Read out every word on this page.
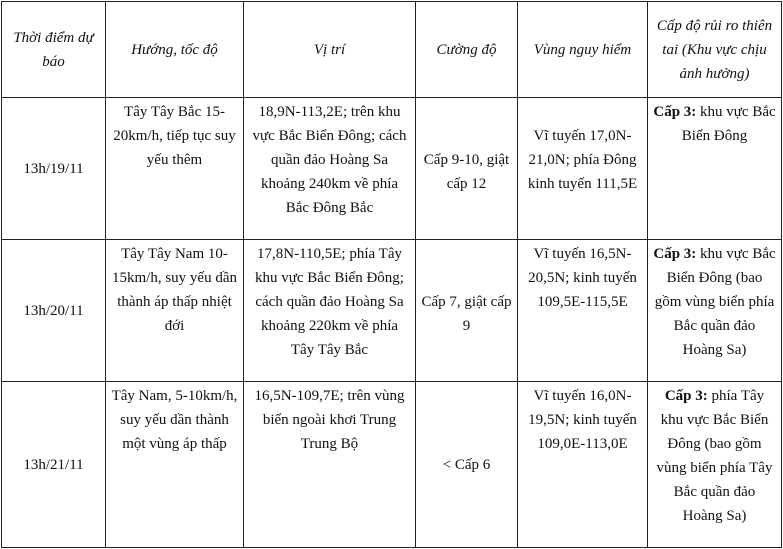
Thời điểm dự báo	Hướng, tốc độ	Vị trí	Cường độ	Vùng nguy hiểm	Cấp độ rủi ro thiên tai (Khu vực chịu ảnh hưởng)
13h/19/11	Tây Tây Bắc 15-20km/h, tiếp tục suy yếu thêm	18,9N-113,2E; trên khu vực Bắc Biển Đông; cách quần đảo Hoàng Sa khoảng 240km về phía Bắc Đông Bắc	Cấp 9-10, giật cấp 12	Vĩ tuyến 17,0N-21,0N; phía Đông kinh tuyến 111,5E	Cấp 3: khu vực Bắc Biển Đông
13h/20/11	Tây Tây Nam 10-15km/h, suy yếu dần thành áp thấp nhiệt đới	17,8N-110,5E; phía Tây khu vực Bắc Biển Đông; cách quần đảo Hoàng Sa khoảng 220km về phía Tây Tây Bắc	Cấp 7, giật cấp 9	Vĩ tuyến 16,5N-20,5N; kinh tuyến 109,5E-115,5E	Cấp 3: khu vực Bắc Biển Đông (bao gồm vùng biển phía Bắc quần đảo Hoàng Sa)
13h/21/11	Tây Nam, 5-10km/h, suy yếu dần thành một vùng áp thấp	16,5N-109,7E; trên vùng biển ngoài khơi Trung Trung Bộ	< Cấp 6	Vĩ tuyến 16,0N-19,5N; kinh tuyến 109,0E-113,0E	Cấp 3: phía Tây khu vực Bắc Biển Đông (bao gồm vùng biển phía Tây Bắc quần đảo Hoàng Sa)
